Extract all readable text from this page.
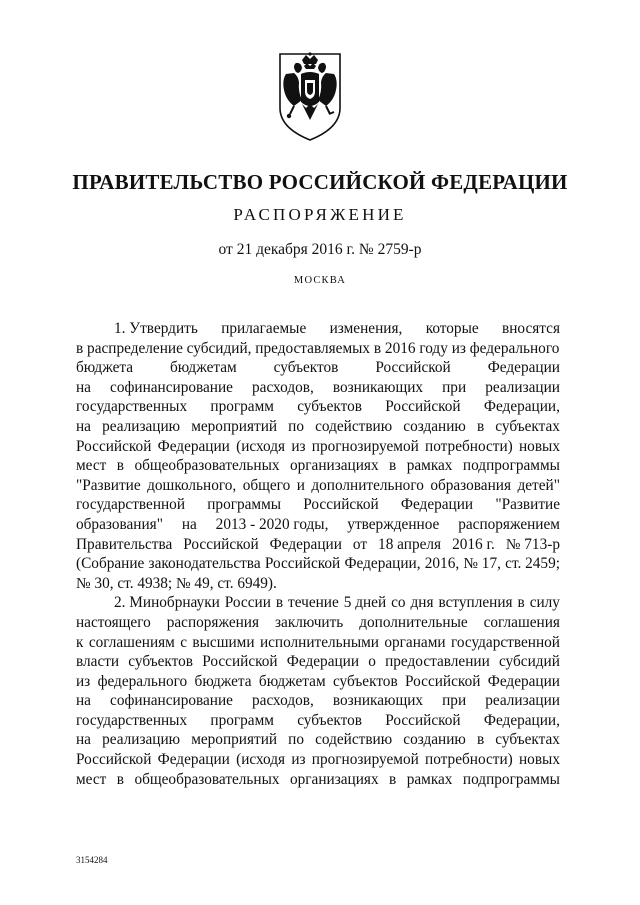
ПРАВИТЕЛЬСТВО РОССИЙСКОЙ ФЕДЕРАЦИИ
РАСПОРЯЖЕНИЕ
от 21 декабря 2016 г. № 2759-р
МОСКВА
1. Утвердить прилагаемые изменения, которые вносятся
в распределение субсидий, предоставляемых в 2016 году из федерального
бюджета бюджетам субъектов Российской Федерации
на софинансирование расходов, возникающих при реализации
государственных программ субъектов Российской Федерации,
на реализацию мероприятий по содействию созданию в субъектах
Российской Федерации (исходя из прогнозируемой потребности) новых
мест в общеобразовательных организациях в рамках подпрограммы
"Развитие дошкольного, общего и дополнительного образования детей"
государственной программы Российской Федерации "Развитие
образования" на 2013 - 2020 годы, утвержденное распоряжением
Правительства Российской Федерации от 18 апреля 2016 г. № 713-р
(Собрание законодательства Российской Федерации, 2016, № 17, ст. 2459;
№ 30, ст. 4938; № 49, ст. 6949).
2. Минобрнауки России в течение 5 дней со дня вступления в силу
настоящего распоряжения заключить дополнительные соглашения
к соглашениям с высшими исполнительными органами государственной
власти субъектов Российской Федерации о предоставлении субсидий
из федерального бюджета бюджетам субъектов Российской Федерации
на софинансирование расходов, возникающих при реализации
государственных программ субъектов Российской Федерации,
на реализацию мероприятий по содействию созданию в субъектах
Российской Федерации (исходя из прогнозируемой потребности) новых
мест в общеобразовательных организациях в рамках подпрограммы
3154284
